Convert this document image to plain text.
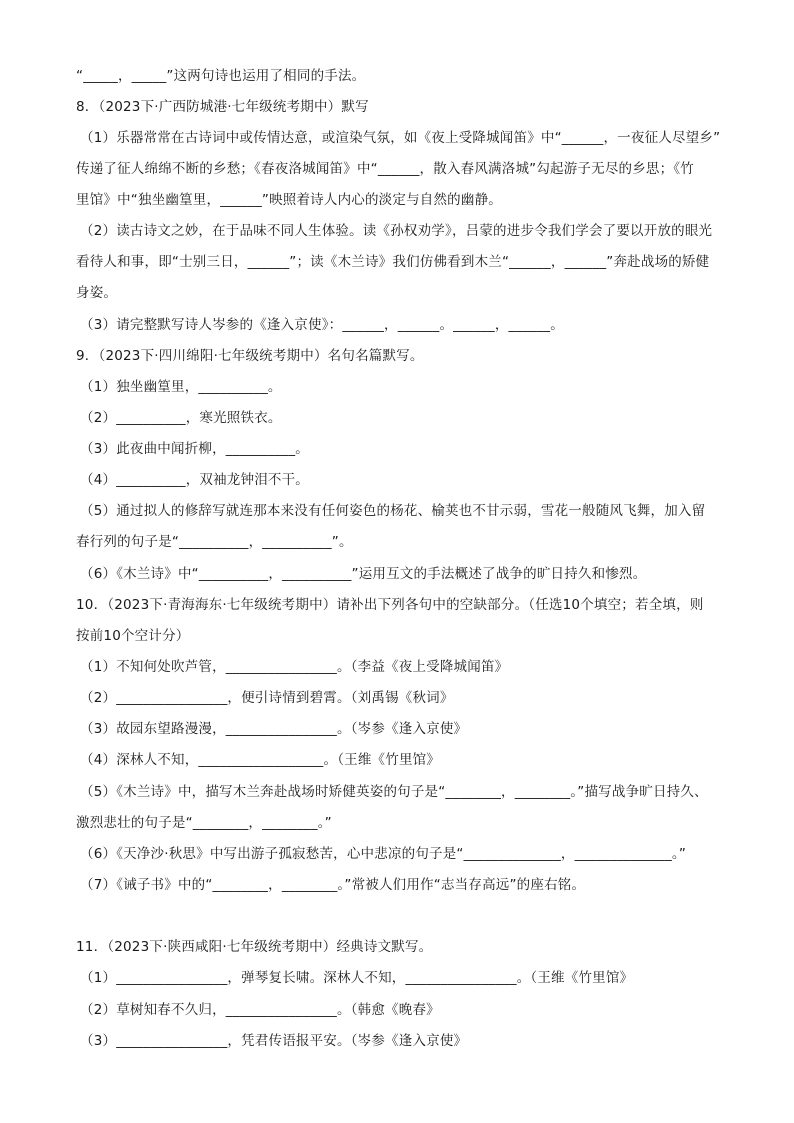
“_____，_____”这两句诗也运用了相同的手法。
8．（2023下·广西防城港·七年级统考期中）默写
（1）乐器常常在古诗词中或传情达意，或渲染气氛，如《夜上受降城闻笛》中“______，一夜征人尽望乡”
传递了征人绵绵不断的乡愁；《春夜洛城闻笛》中“______，散入春风满洛城”勾起游子无尽的乡思；《竹
里馆》中“独坐幽篁里，______”映照着诗人内心的淡定与自然的幽静。
（2）读古诗文之妙，在于品味不同人生体验。读《孙权劝学》，吕蒙的进步令我们学会了要以开放的眼光
看待人和事，即“士别三日，______”；读《木兰诗》我们仿佛看到木兰“______，______”奔赴战场的矫健
身姿。
（3）请完整默写诗人岑参的《逢入京使》：______，______。______，______。
9．（2023下·四川绵阳·七年级统考期中）名句名篇默写。
（1）独坐幽篁里，__________。
（2）__________，寒光照铁衣。
（3）此夜曲中闻折柳，__________。
（4）__________，双袖龙钟泪不干。
（5）通过拟人的修辞写就连那本来没有任何姿色的杨花、榆荚也不甘示弱，雪花一般随风飞舞，加入留
春行列的句子是“__________，__________”。
（6）《木兰诗》中“__________，__________”运用互文的手法概述了战争的旷日持久和惨烈。
10．（2023下·青海海东·七年级统考期中）请补出下列各句中的空缺部分。（任选10个填空；若全填，则
按前10个空计分）
（1）不知何处吹芦管，________________。（李益《夜上受降城闻笛》
（2）________________，便引诗情到碧霄。（刘禹锡《秋词》
（3）故园东望路漫漫，________________。（岑参《逢入京使》
（4）深林人不知，__________________。（王维《竹里馆》
（5）《木兰诗》中，描写木兰奔赴战场时矫健英姿的句子是“________，________。”描写战争旷日持久、
激烈悲壮的句子是“________，________。”
（6）《天净沙·秋思》中写出游子孤寂愁苦，心中悲凉的句子是“______________，______________。”
（7）《诫子书》中的“________，________。”常被人们用作“志当存高远”的座右铭。
11．（2023下·陕西咸阳·七年级统考期中）经典诗文默写。
（1）________________，弹琴复长啸。深林人不知，________________。（王维《竹里馆》
（2）草树知春不久归，________________。（韩愈《晚春》
（3）________________，凭君传语报平安。（岑参《逢入京使》
